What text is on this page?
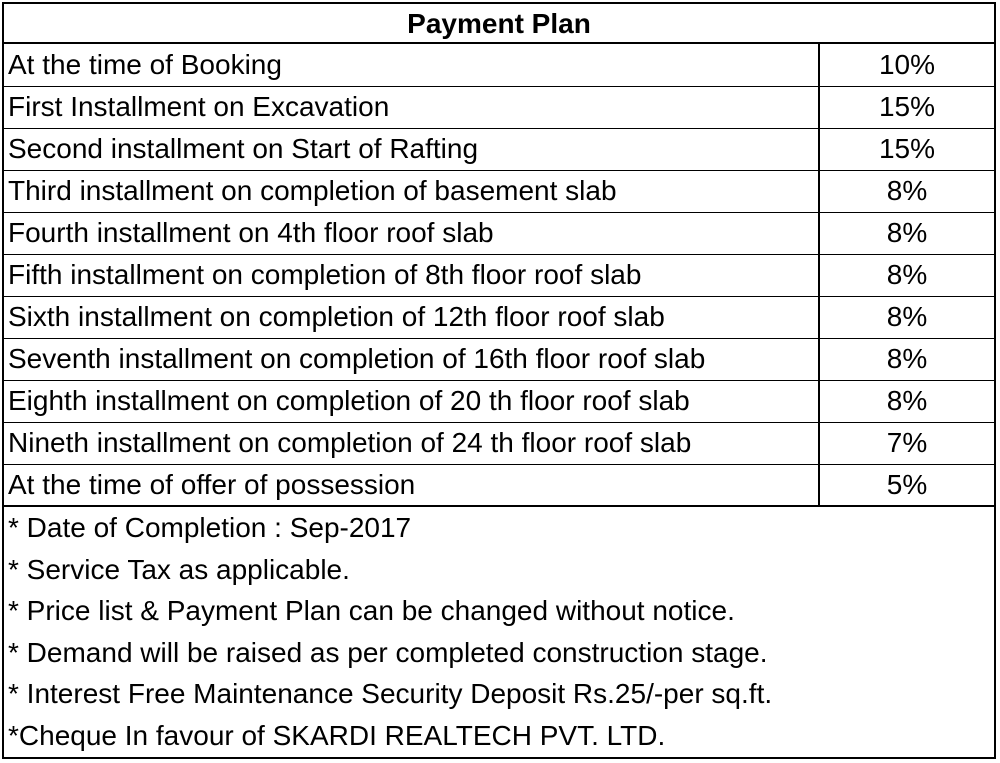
Payment Plan
At the time of Booking	10%
First Installment on Excavation	15%
Second installment on Start of Rafting	15%
Third installment on completion of basement slab	8%
Fourth installment on 4th floor roof slab	8%
Fifth installment on completion of 8th floor roof slab	8%
Sixth installment on completion of 12th floor roof slab	8%
Seventh installment on completion of 16th floor roof slab	8%
Eighth installment on completion of 20 th floor roof slab	8%
Nineth installment on completion of 24 th floor roof slab	7%
At the time of offer of possession	5%
* Date of Completion : Sep-2017
* Service Tax as applicable.
* Price list & Payment Plan can be changed without notice.
* Demand will be raised as per completed construction stage.
* Interest Free Maintenance Security Deposit Rs.25/-per sq.ft.
*Cheque In favour of SKARDI REALTECH PVT. LTD.
